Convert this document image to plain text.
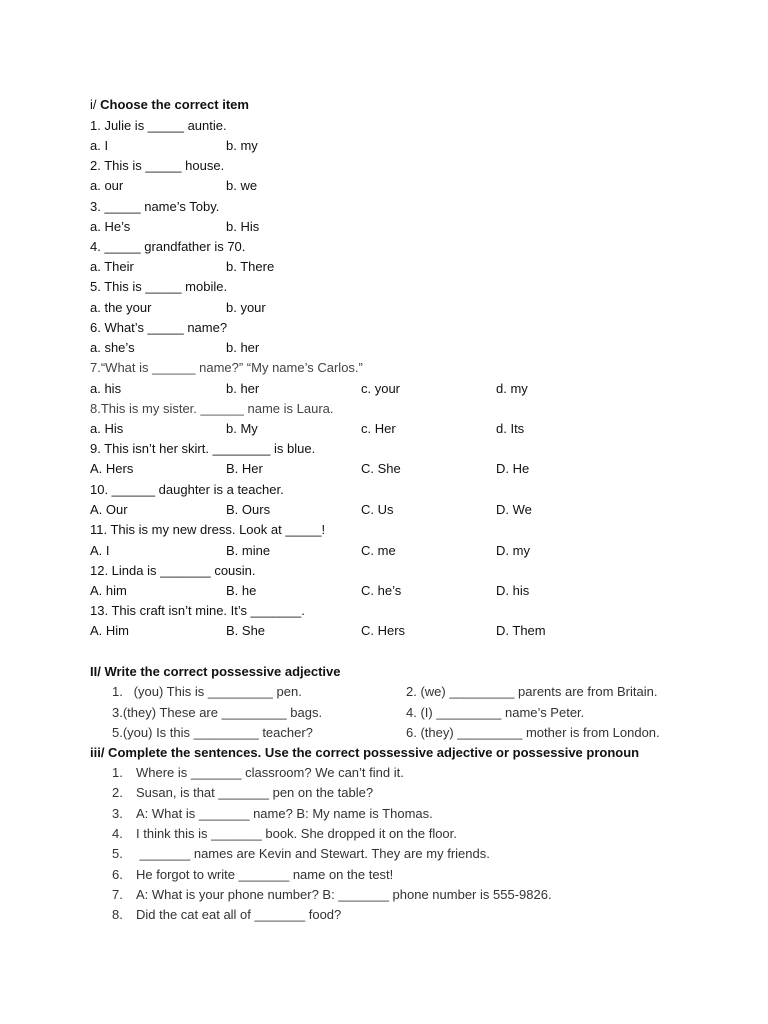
i/ Choose the correct item
1. Julie is _____ auntie.
a. I	b. my
2. This is _____ house.
a. our	b. we
3. _____ name’s Toby.
a. He’s	b. His
4. _____ grandfather is 70.
a. Their	b. There
5. This is _____ mobile.
a. the your	b. your
6. What’s _____ name?
a. she’s	b. her
7.“What is ______ name?” “My name’s Carlos.”
a. his	b. her	c. your	d. my
8.This is my sister. ______ name is Laura.
a. His	b. My	c. Her	d. Its
9. This isn’t her skirt. ________ is blue.
A. Hers	B. Her	C. She	D. He
10. ______ daughter is a teacher.
A. Our	B. Ours	C. Us	D. We
11. This is my new dress. Look at _____!
A. I	B. mine	C. me	D. my
12. Linda is _______ cousin.
A. him	B. he	C. he’s	D. his
13. This craft isn’t mine. It’s _______.
A. Him	B. She	C. Hers	D. Them
II/ Write the correct possessive adjective
1.   (you) This is _________ pen.	2. (we) _________ parents are from Britain.
3.(they) These are _________ bags.	4. (I) _________ name’s Peter.
5.(you) Is this _________ teacher?	6. (they) _________ mother is from London.
iii/ Complete the sentences. Use the correct possessive adjective or possessive pronoun
1. Where is _______ classroom? We can’t find it.
2. Susan, is that _______ pen on the table?
3. A: What is _______ name? B: My name is Thomas.
4. I think this is _______ book. She dropped it on the floor.
5. _______ names are Kevin and Stewart. They are my friends.
6. He forgot to write _______ name on the test!
7. A: What is your phone number? B: _______ phone number is 555-9826.
8. Did the cat eat all of _______ food?
